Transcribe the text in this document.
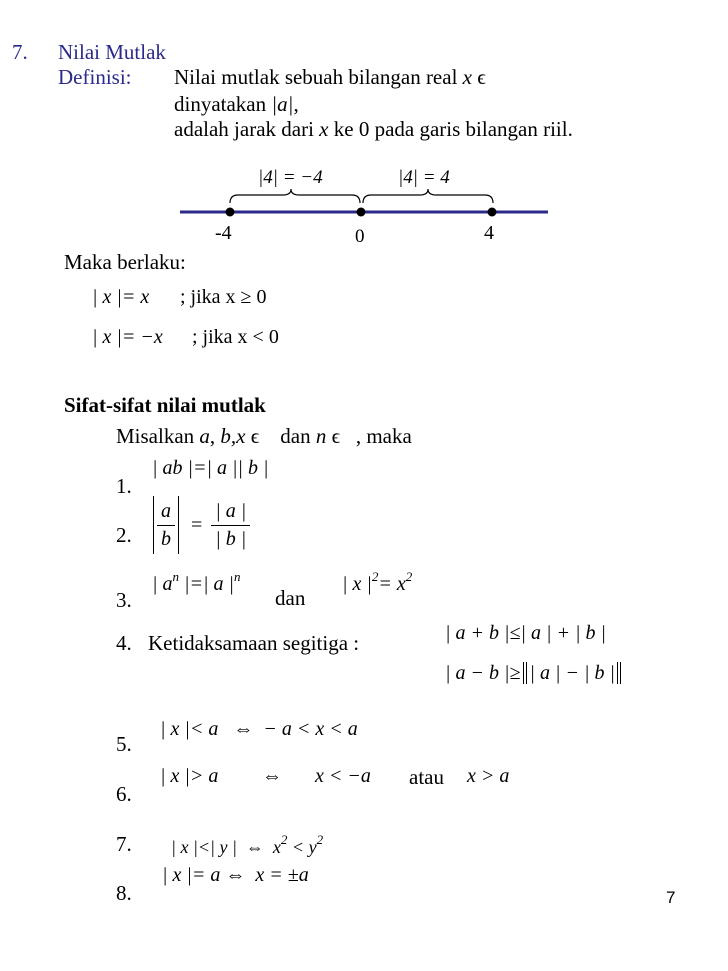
7. Nilai Mutlak
Definisi: Nilai mutlak sebuah bilangan real x ϵ
dinyatakan |a|,
adalah jarak dari x ke 0 pada garis bilangan riil.
|4| = −4	|4| = 4
-4	0	4
Maka berlaku:
| x |= x ; jika x ≥ 0
| x |= −x ; jika x < 0
Sifat-sifat nilai mutlak
Misalkan a, b,x ϵ    dan n ϵ   , maka
1.
| ab |=| a || b |
2. $\frac{a}{b} = \frac{| a |}{| b |}$
3.
| $a^n$ |=| a $|^n$
dan
| x $|^2= x^2$
4. Ketidaksamaan segitiga :	| a + b |≤| a | + | b |
| a − b |≥ | a | − | b |
5.
| x |< a   ⇔  − a < x < a
6.
| x |> a ⇔ x < −a atau x > a
7.	| x |<| y |  ⇔  $x^2 < y^2$

8.
| x |= a ⇔  x = ±a
7
